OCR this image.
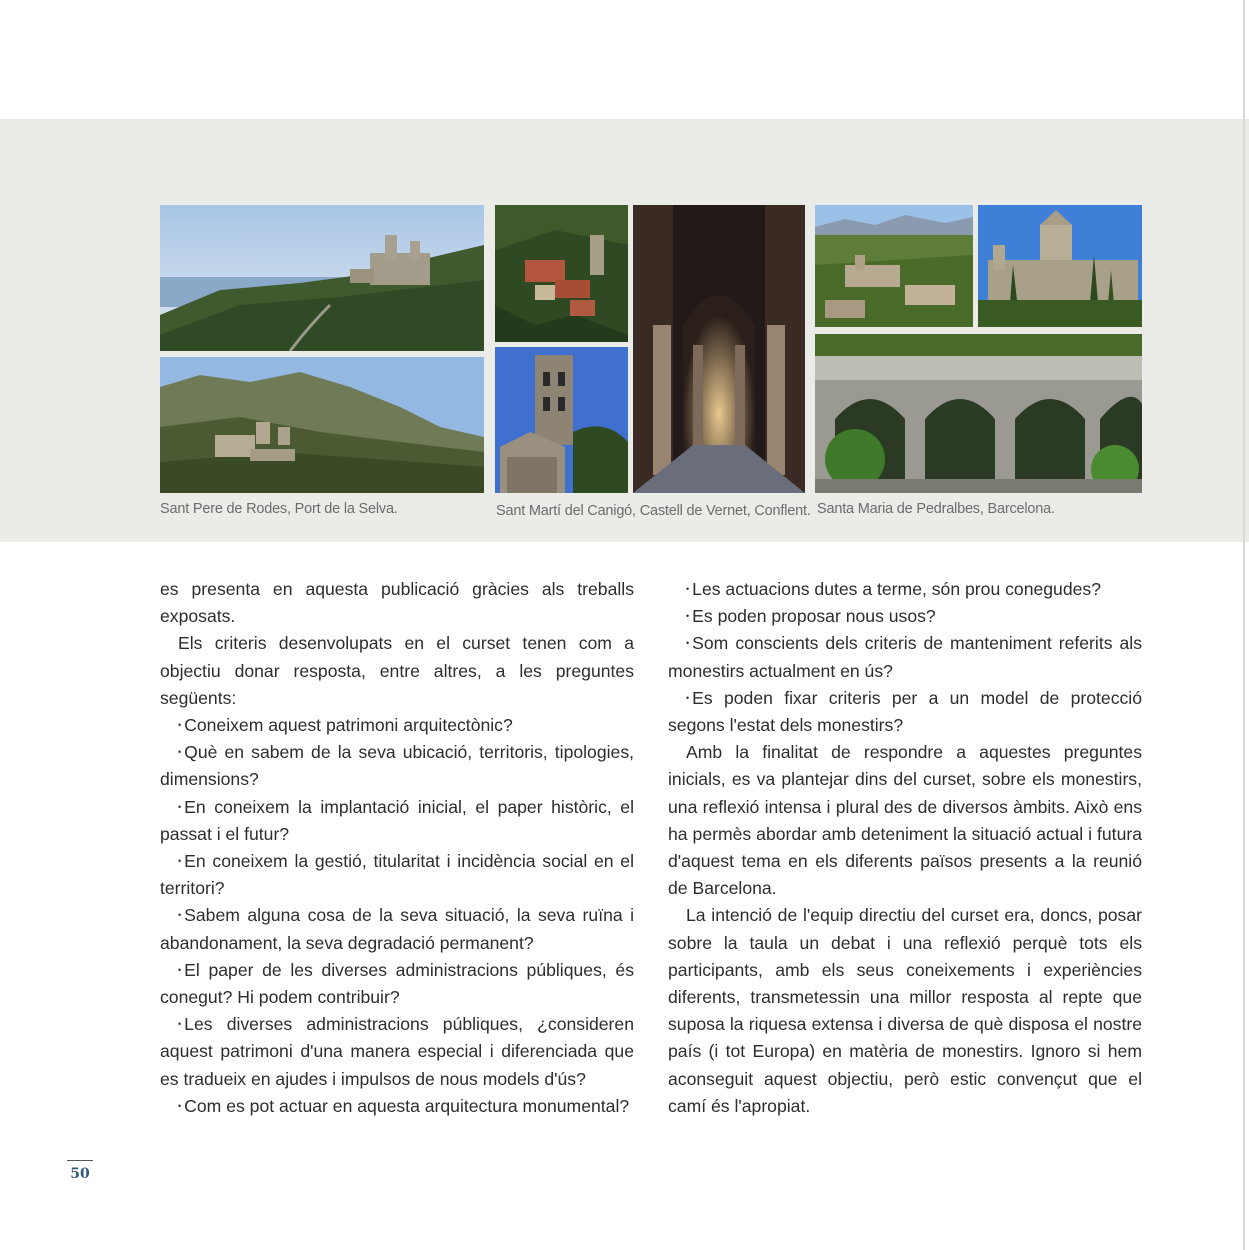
Sant Pere de Rodes, Port de la Selva.	Sant Martí del Canigó, Castell de Vernet, Conflent. Santa Maria de Pedralbes, Barcelona.

es presenta en aquesta publicació gràcies als treballs exposats.

Els criteris desenvolupats en el curset tenen com a objectiu donar resposta, entre altres, a les preguntes següents:

• Coneixem aquest patrimoni arquitectònic?

• Què en sabem de la seva ubicació, territoris, tipologies, dimensions?

• En coneixem la implantació inicial, el paper històric, el passat i el futur?

• En coneixem la gestió, titularitat i incidència social en el territori?

• Sabem alguna cosa de la seva situació, la seva ruïna i abandonament, la seva degradació permanent?

• El paper de les diverses administracions públiques, és conegut? Hi podem contribuir?

• Les diverses administracions públiques, ¿consideren aquest patrimoni d'una manera especial i diferenciada que es tradueix en ajudes i impulsos de nous models d'ús?

• Com es pot actuar en aquesta arquitectura monumental?

• Les actuacions dutes a terme, són prou conegudes?

• Es poden proposar nous usos?

• Som conscients dels criteris de manteniment referits als monestirs actualment en ús?

• Es poden fixar criteris per a un model de protecció segons l'estat dels monestirs?

Amb la finalitat de respondre a aquestes preguntes inicials, es va plantejar dins del curset, sobre els monestirs, una reflexió intensa i plural des de diversos àmbits. Això ens ha permès abordar amb deteniment la situació actual i futura d'aquest tema en els diferents països presents a la reunió de Barcelona.

La intenció de l'equip directiu del curset era, doncs, posar sobre la taula un debat i una reflexió perquè tots els participants, amb els seus coneixements i experiències diferents, transmetessin una millor resposta al repte que suposa la riquesa extensa i diversa de què disposa el nostre país (i tot Europa) en matèria de monestirs. Ignoro si hem aconseguit aquest objectiu, però estic convençut que el camí és l'apropiat.

50
